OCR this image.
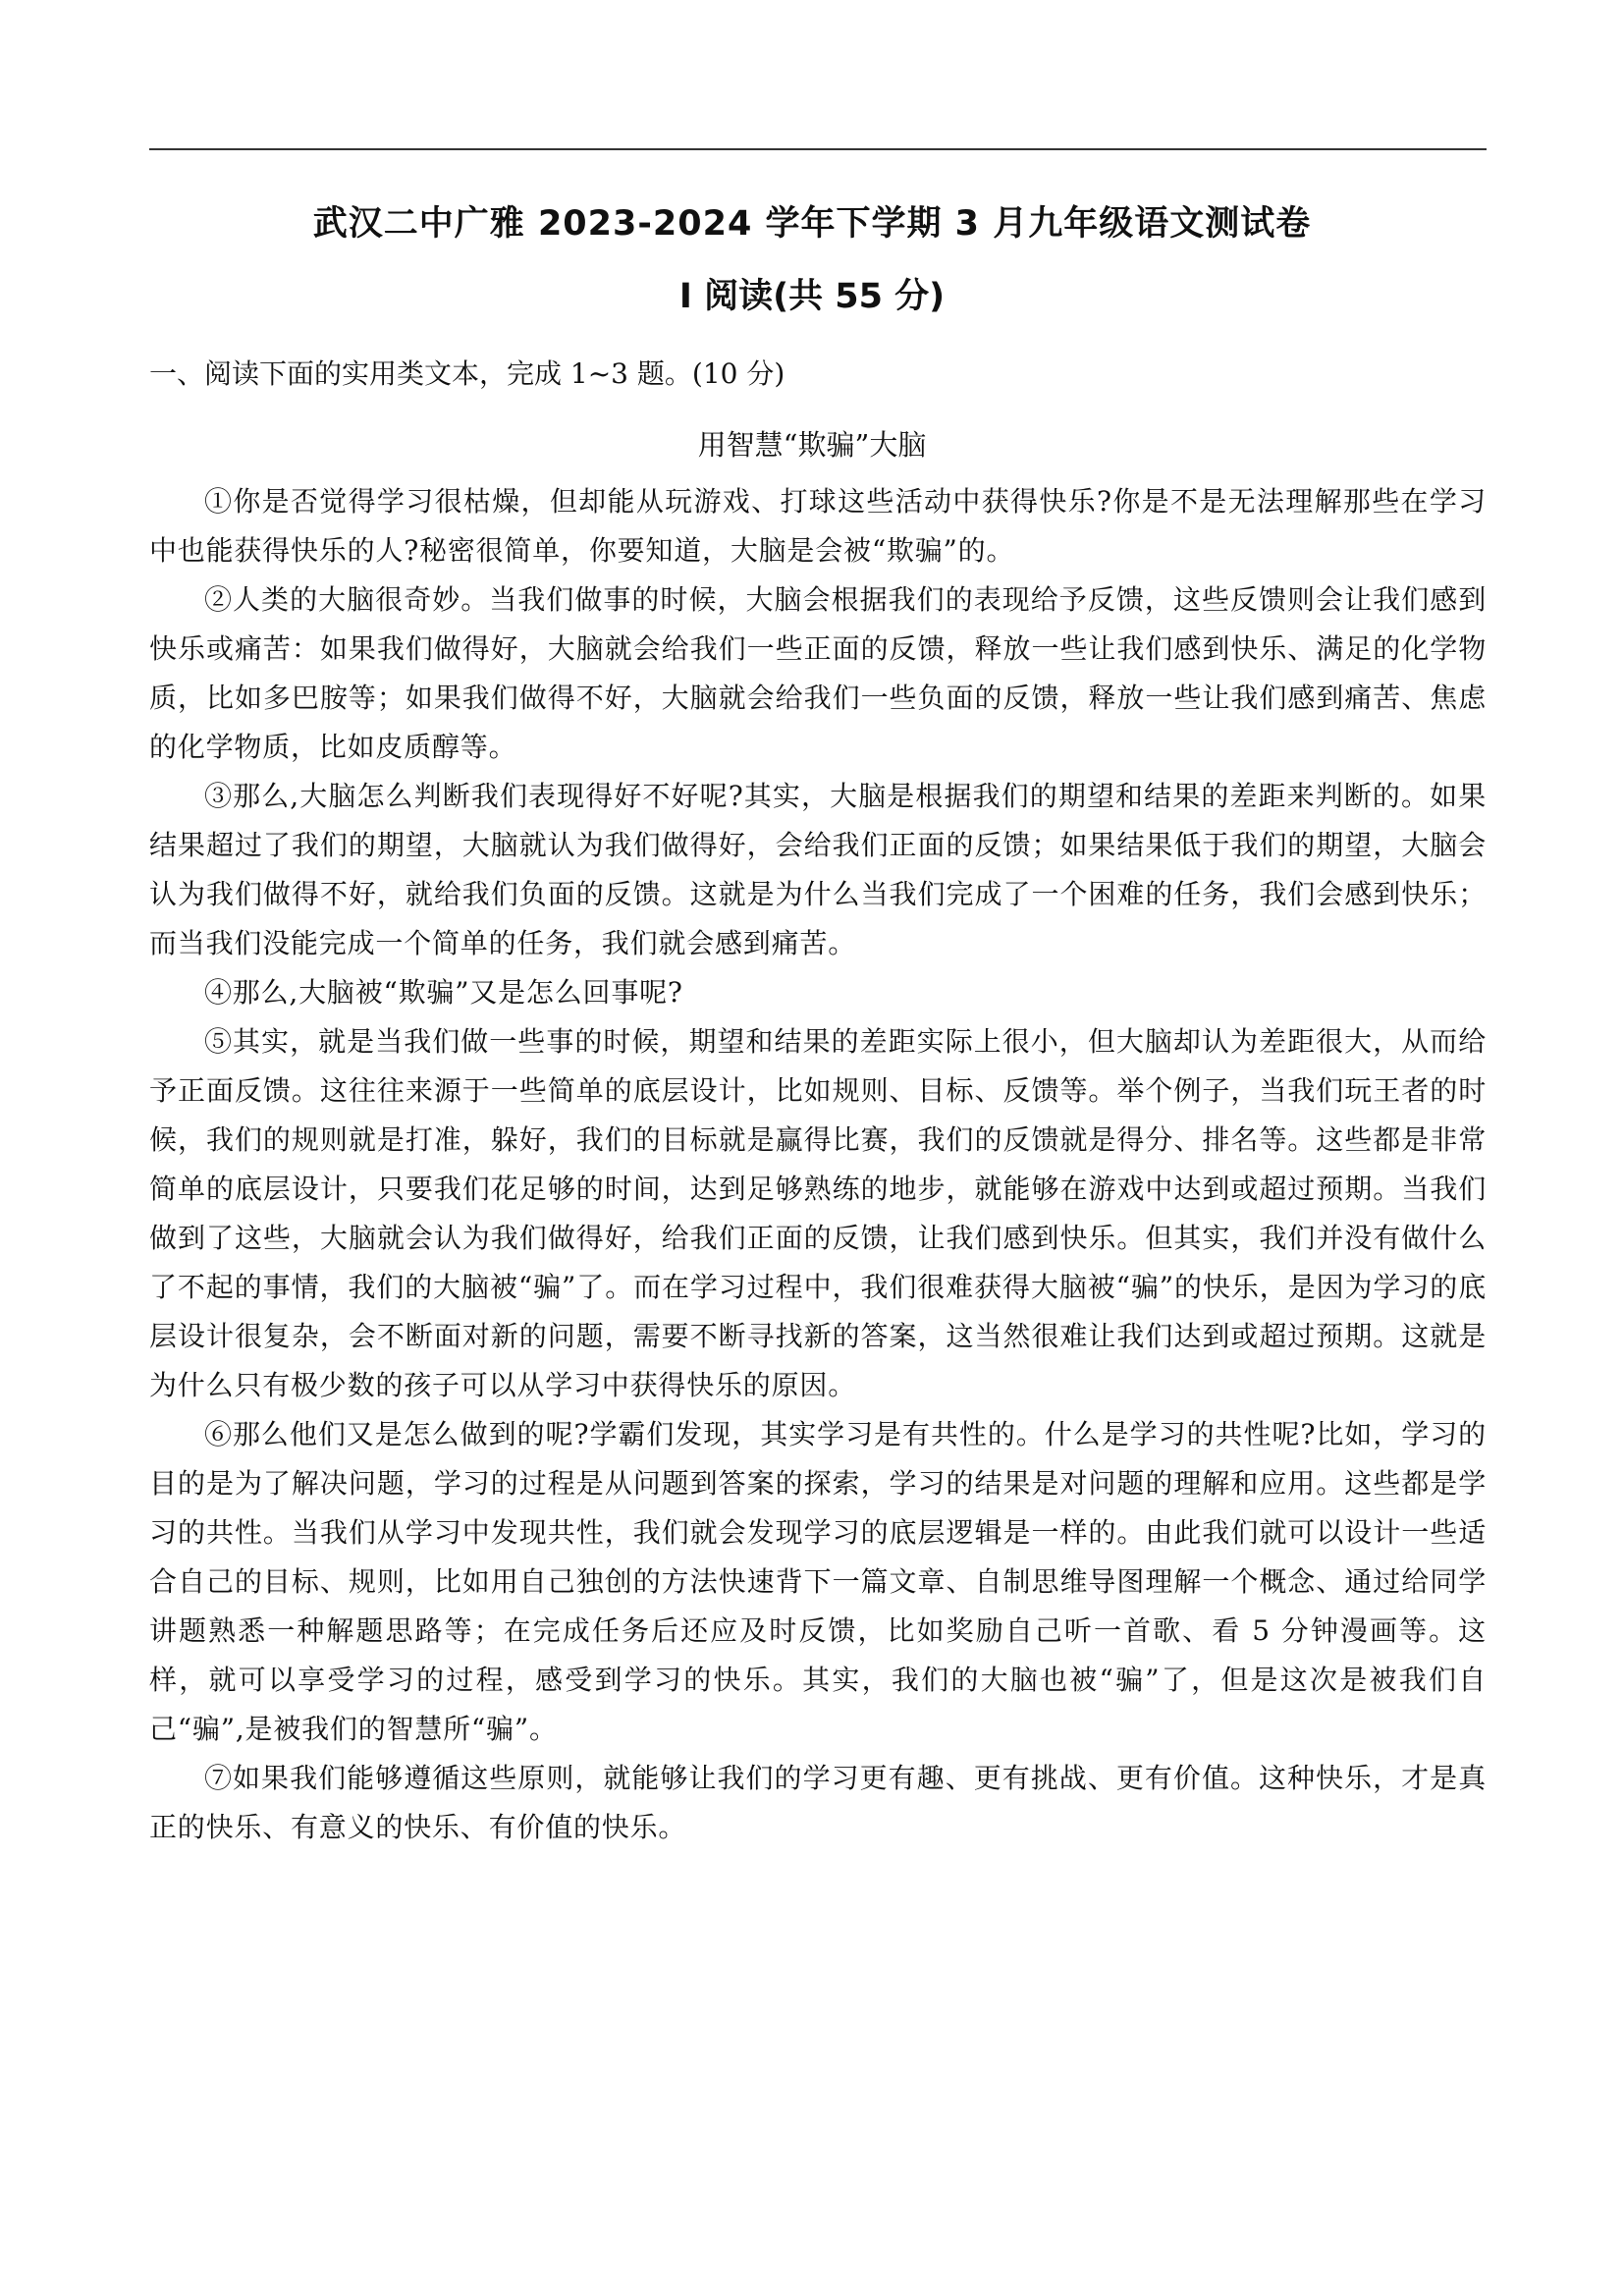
武汉二中广雅 2023-2024 学年下学期 3 月九年级语文测试卷
Ⅰ 阅读(共 55 分)
一、阅读下面的实用类文本，完成 1~3 题。(10 分)
用智慧“欺骗”大脑

①你是否觉得学习很枯燥，但却能从玩游戏、打球这些活动中获得快乐?你是不是无法理解那些在学习中也能获得快乐的人?秘密很简单，你要知道，大脑是会被“欺骗”的。

②人类的大脑很奇妙。当我们做事的时候，大脑会根据我们的表现给予反馈，这些反馈则会让我们感到快乐或痛苦：如果我们做得好，大脑就会给我们一些正面的反馈，释放一些让我们感到快乐、满足的化学物质，比如多巴胺等；如果我们做得不好，大脑就会给我们一些负面的反馈，释放一些让我们感到痛苦、焦虑的化学物质，比如皮质醇等。

③那么,大脑怎么判断我们表现得好不好呢?其实，大脑是根据我们的期望和结果的差距来判断的。如果结果超过了我们的期望，大脑就认为我们做得好，会给我们正面的反馈；如果结果低于我们的期望，大脑会认为我们做得不好，就给我们负面的反馈。这就是为什么当我们完成了一个困难的任务，我们会感到快乐；而当我们没能完成一个简单的任务，我们就会感到痛苦。

④那么,大脑被“欺骗”又是怎么回事呢?

⑤其实，就是当我们做一些事的时候，期望和结果的差距实际上很小，但大脑却认为差距很大，从而给予正面反馈。这往往来源于一些简单的底层设计，比如规则、目标、反馈等。举个例子，当我们玩王者的时候，我们的规则就是打准，躲好，我们的目标就是赢得比赛，我们的反馈就是得分、排名等。这些都是非常简单的底层设计，只要我们花足够的时间，达到足够熟练的地步，就能够在游戏中达到或超过预期。当我们做到了这些，大脑就会认为我们做得好，给我们正面的反馈，让我们感到快乐。但其实，我们并没有做什么了不起的事情，我们的大脑被“骗”了。而在学习过程中，我们很难获得大脑被“骗”的快乐，是因为学习的底层设计很复杂，会不断面对新的问题，需要不断寻找新的答案，这当然很难让我们达到或超过预期。这就是为什么只有极少数的孩子可以从学习中获得快乐的原因。

⑥那么他们又是怎么做到的呢?学霸们发现，其实学习是有共性的。什么是学习的共性呢?比如，学习的目的是为了解决问题，学习的过程是从问题到答案的探索，学习的结果是对问题的理解和应用。这些都是学习的共性。当我们从学习中发现共性，我们就会发现学习的底层逻辑是一样的。由此我们就可以设计一些适合自己的目标、规则，比如用自己独创的方法快速背下一篇文章、自制思维导图理解一个概念、通过给同学讲题熟悉一种解题思路等；在完成任务后还应及时反馈，比如奖励自己听一首歌、看 5 分钟漫画等。这样，就可以享受学习的过程，感受到学习的快乐。其实，我们的大脑也被“骗”了，但是这次是被我们自己“骗”,是被我们的智慧所“骗”。

⑦如果我们能够遵循这些原则，就能够让我们的学习更有趣、更有挑战、更有价值。这种快乐，才是真正的快乐、有意义的快乐、有价值的快乐。
